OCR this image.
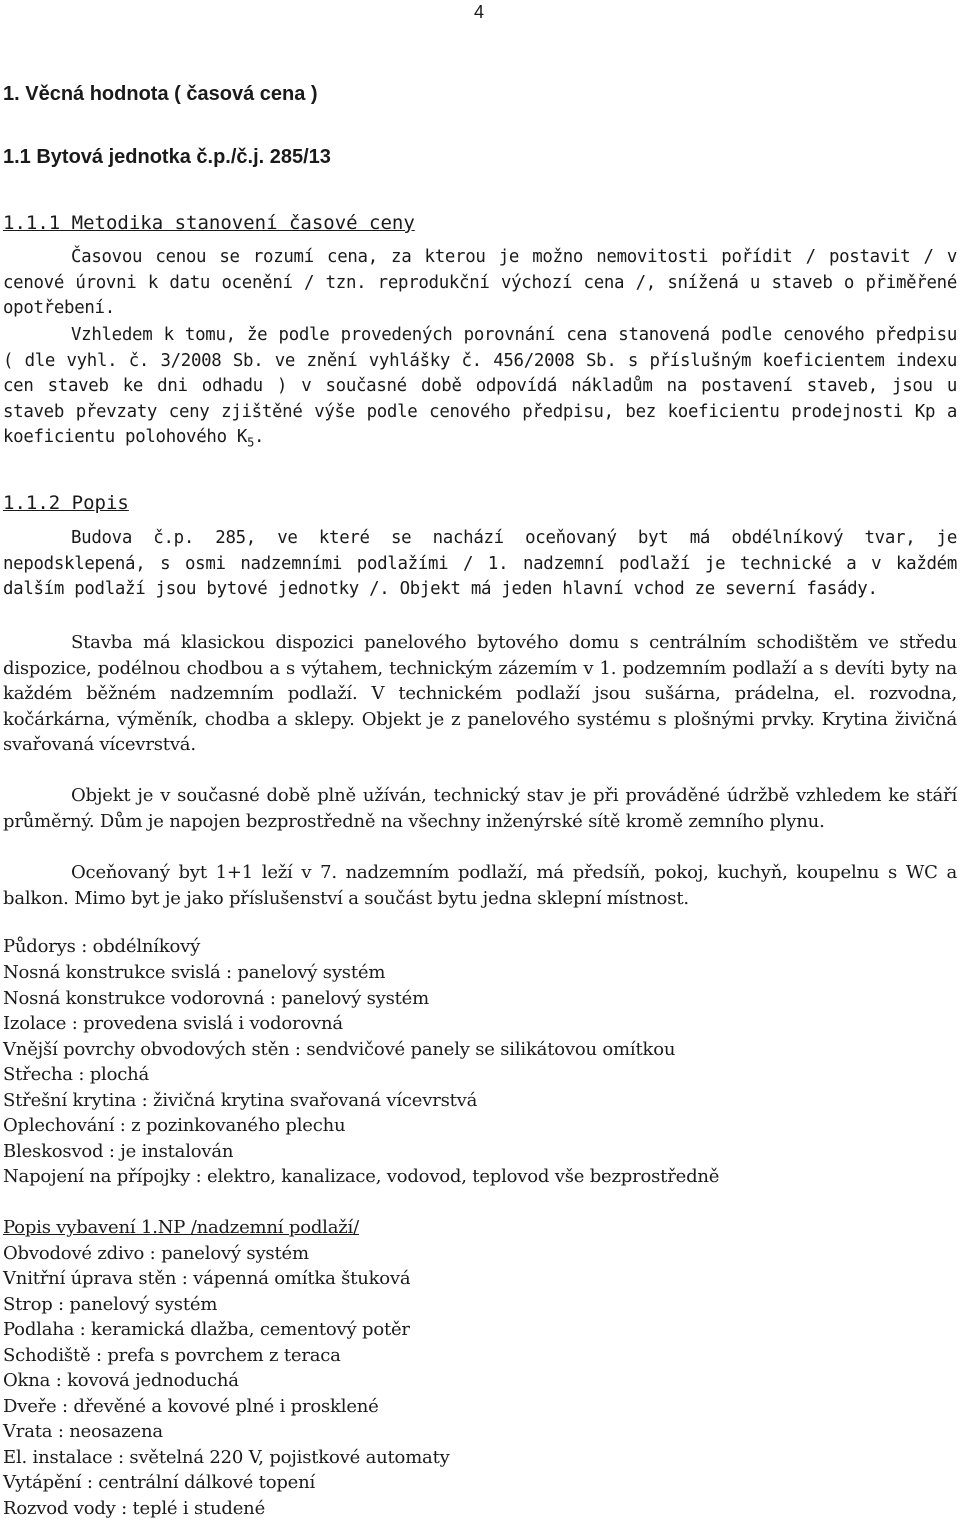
4
1. Věcná hodnota ( časová cena )
1.1 Bytová jednotka č.p./č.j. 285/13
1.1.1 Metodika stanovení časové ceny

Časovou cenou se rozumí cena, za kterou je možno nemovitosti pořídit / postavit / v cenové úrovni k datu ocenění / tzn. reprodukční výchozí cena /, snížená u staveb o přiměřené opotřebení.

Vzhledem k tomu, že podle provedených porovnání cena stanovená podle cenového předpisu ( dle vyhl. č. 3/2008 Sb. ve znění vyhlášky č. 456/2008 Sb. s příslušným koeficientem indexu cen staveb ke dni odhadu ) v současné době odpovídá nákladům na postavení staveb, jsou u staveb převzaty ceny zjištěné výše podle cenového předpisu, bez koeficientu prodejnosti Kp a koeficientu polohového $K_5$.

1.1.2 Popis

Budova č.p. 285, ve které se nachází oceňovaný byt má obdélníkový tvar, je nepodsklepená, s osmi nadzemními podlažími / 1. nadzemní podlaží je technické a v každém dalším podlaží jsou bytové jednotky /. Objekt má jeden hlavní vchod ze severní fasády.

Stavba má klasickou dispozici panelového bytového domu s centrálním schodištěm ve středu dispozice, podélnou chodbou a s výtahem, technickým zázemím v 1. podzemním podlaží a s devíti byty na každém běžném nadzemním podlaží. V technickém podlaží jsou sušárna, prádelna, el. rozvodna, kočárkárna, výměník, chodba a sklepy. Objekt je z panelového systému s plošnými prvky. Krytina živičná svařovaná vícevrstvá.

Objekt je v současné době plně užíván, technický stav je při prováděné údržbě vzhledem ke stáří průměrný. Dům je napojen bezprostředně na všechny inženýrské sítě kromě zemního plynu.

Oceňovaný byt 1+1 leží v 7. nadzemním podlaží, má předsíň, pokoj, kuchyň, koupelnu s WC a balkon. Mimo byt je jako příslušenství a součást bytu jedna sklepní místnost.

Půdorys : obdélníkový
Nosná konstrukce svislá : panelový systém
Nosná konstrukce vodorovná : panelový systém
Izolace : provedena svislá i vodorovná
Vnější povrchy obvodových stěn : sendvičové panely se silikátovou omítkou
Střecha : plochá
Střešní krytina : živičná krytina svařovaná vícevrstvá
Oplechování : z pozinkovaného plechu
Bleskosvod : je instalován
Napojení na přípojky : elektro, kanalizace, vodovod, teplovod vše bezprostředně
Popis vybavení 1.NP /nadzemní podlaží/
Obvodové zdivo : panelový systém
Vnitřní úprava stěn : vápenná omítka štuková
Strop : panelový systém
Podlaha : keramická dlažba, cementový potěr
Schodiště : prefa s povrchem z teraca
Okna : kovová jednoduchá
Dveře : dřevěné a kovové plné i prosklené
Vrata : neosazena
El. instalace : světelná 220 V, pojistkové automaty
Vytápění : centrální dálkové topení
Rozvod vody : teplé i studené
